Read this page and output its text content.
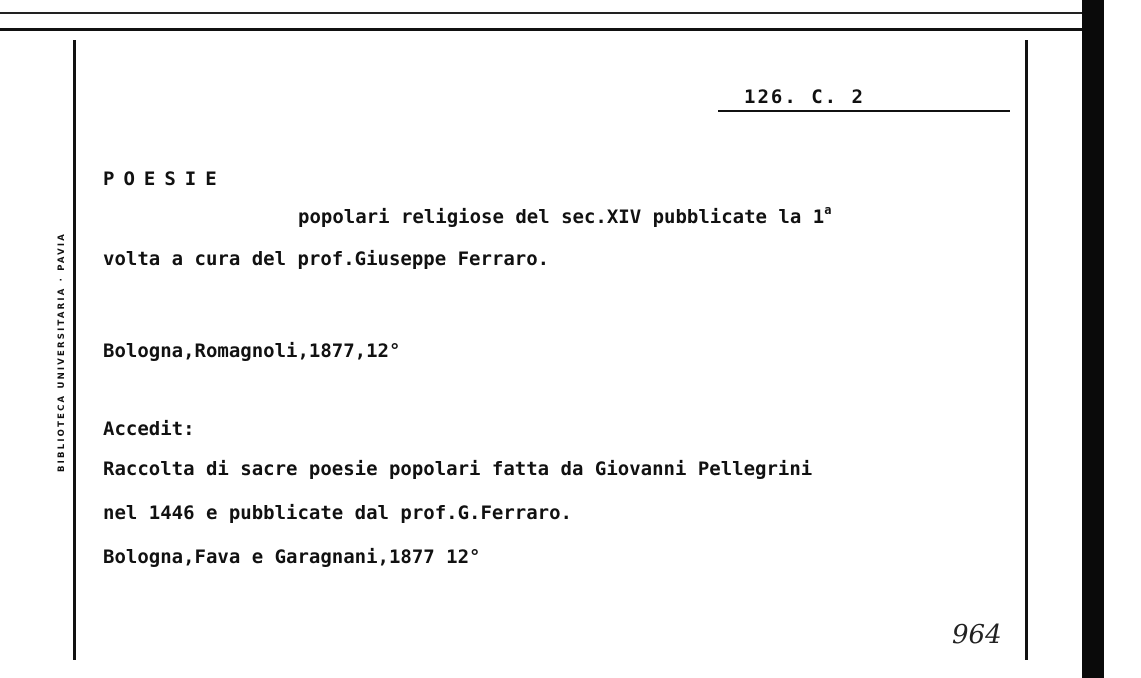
BIBLIOTECA UNIVERSITARIA · PAVIA
126. C. 2
POESIE
popolari religiose del sec.XIV pubblicate la 1$^a$
volta a cura del prof.Giuseppe Ferraro.
Bologna,Romagnoli,1877,12°
Accedit:
Raccolta di sacre poesie popolari fatta da Giovanni Pellegrini
nel 1446 e pubblicate dal prof.G.Ferraro.
Bologna,Fava e Garagnani,1877 12°
964
